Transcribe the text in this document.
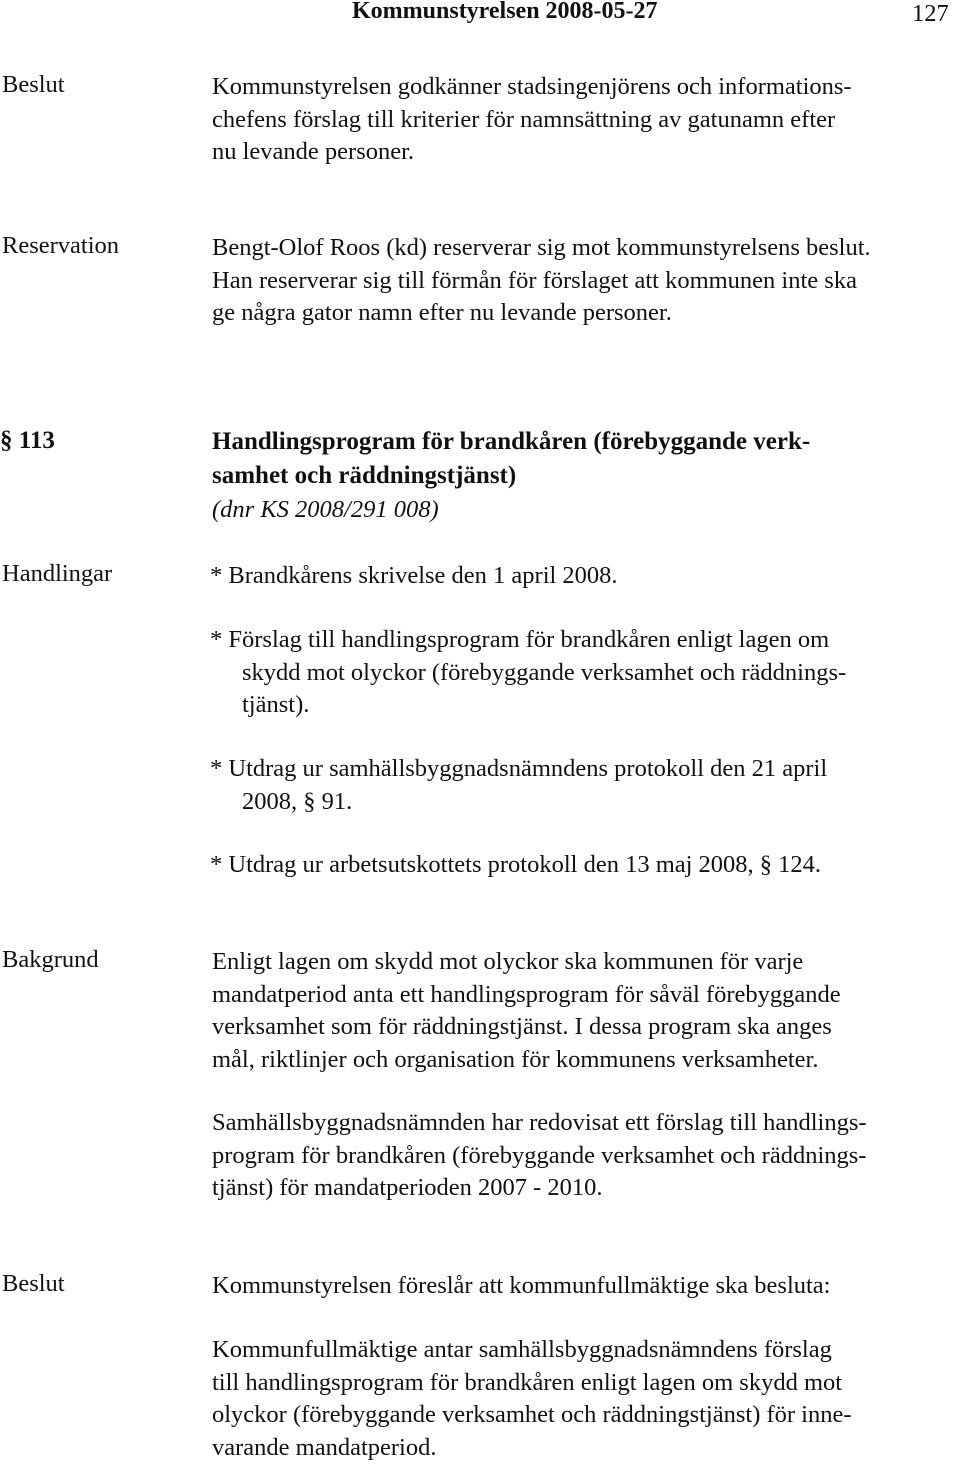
Kommunstyrelsen 2008-05-27	127
Beslut	Kommunstyrelsen godkänner stadsingenjörens och informations-
chefens förslag till kriterier för namnsättning av gatunamn efter
nu levande personer.
Reservation	Bengt-Olof Roos (kd) reserverar sig mot kommunstyrelsens beslut.
Han reserverar sig till förmån för förslaget att kommunen inte ska
ge några gator namn efter nu levande personer.
§ 113	Handlingsprogram för brandkåren (förebyggande verk-
samhet och räddningstjänst)
(dnr KS 2008/291 008)
Handlingar	* Brandkårens skrivelse den 1 april 2008.
* Förslag till handlingsprogram för brandkåren enligt lagen om
skydd mot olyckor (förebyggande verksamhet och räddnings-
tjänst).
* Utdrag ur samhällsbyggnadsnämndens protokoll den 21 april
2008, § 91.
* Utdrag ur arbetsutskottets protokoll den 13 maj 2008, § 124.
Bakgrund	Enligt lagen om skydd mot olyckor ska kommunen för varje
mandatperiod anta ett handlingsprogram för såväl förebyggande
verksamhet som för räddningstjänst. I dessa program ska anges
mål, riktlinjer och organisation för kommunens verksamheter.
Samhällsbyggnadsnämnden har redovisat ett förslag till handlings-
program för brandkåren (förebyggande verksamhet och räddnings-
tjänst) för mandatperioden 2007 - 2010.
Beslut	Kommunstyrelsen föreslår att kommunfullmäktige ska besluta:
Kommunfullmäktige antar samhällsbyggnadsnämndens förslag
till handlingsprogram för brandkåren enligt lagen om skydd mot
olyckor (förebyggande verksamhet och räddningstjänst) för inne-
varande mandatperiod.
